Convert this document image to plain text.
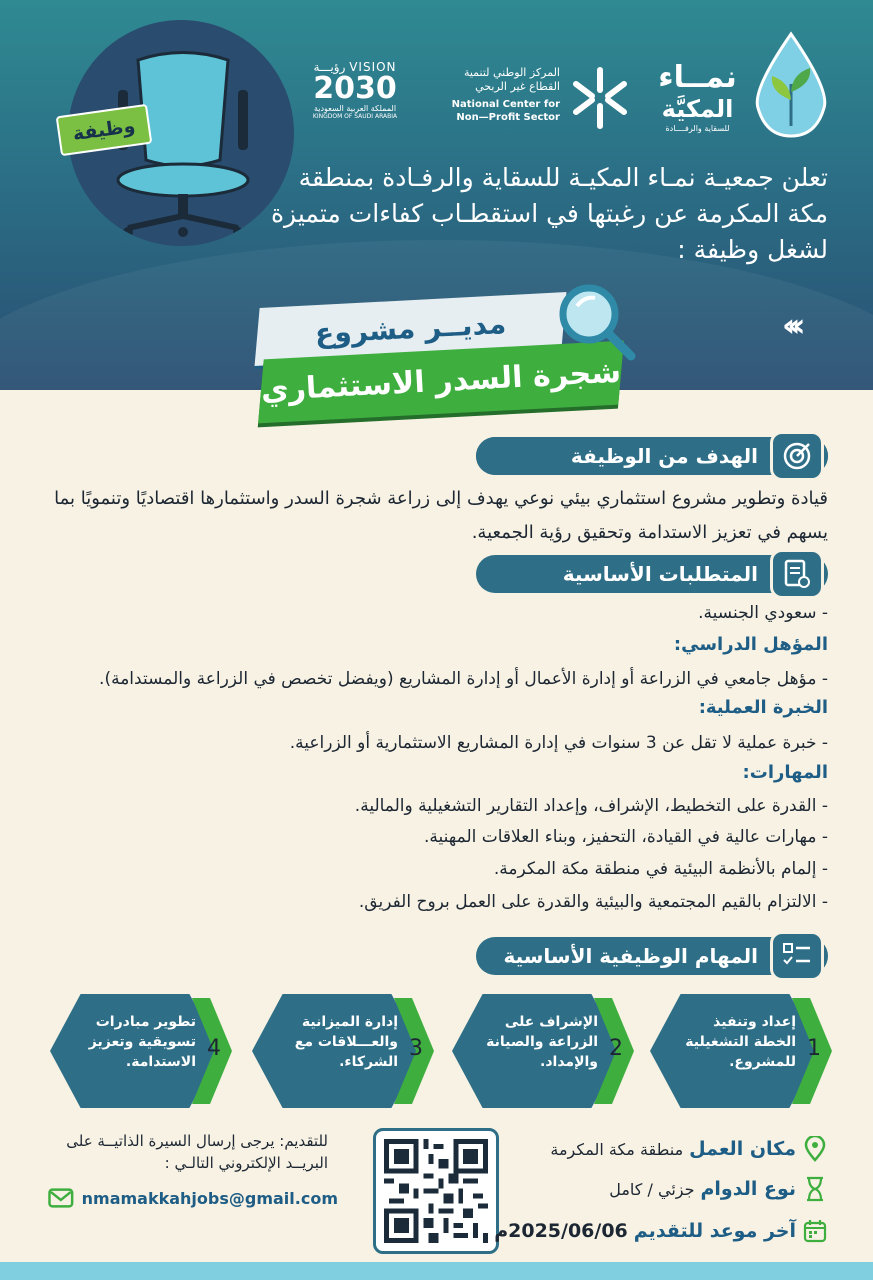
وظيفة
رؤيـــة VISION
2030
المملكة العربية السعودية
KINGDOM OF SAUDI ARABIA
المركز الوطني لتنمية
القطاع غير الربحي
National Center for
Non—Profit Sector
نمــاء
المكيَّة
للسقاية والرفــــادة
تعلن جمعيـة نمـاء المكيـة للسقاية والرفـادة بمنطقة مكة المكرمة عن رغبتها في استقطـاب كفاءات متميزة لشغل وظيفة :
‹‹‹
مديــر مشروع
شجرة السدر الاستثماري
الهدف من الوظيفة
قيادة وتطوير مشروع استثماري بيئي نوعي يهدف إلى زراعة شجرة السدر واستثمارها اقتصاديًا وتنمويًا بما يسهم في تعزيز الاستدامة وتحقيق رؤية الجمعية.
المتطلبات الأساسية
- سعودي الجنسية.
المؤهل الدراسي:
- مؤهل جامعي في الزراعة أو إدارة الأعمال أو إدارة المشاريع (ويفضل تخصص في الزراعة والمستدامة).
الخبرة العملية:
- خبرة عملية لا تقل عن 3 سنوات في إدارة المشاريع الاستثمارية أو الزراعية.
المهارات:
- القدرة على التخطيط، الإشراف، وإعداد التقارير التشغيلية والمالية.
- مهارات عالية في القيادة، التحفيز، وبناء العلاقات المهنية.
- إلمام بالأنظمة البيئية في منطقة مكة المكرمة.
- الالتزام بالقيم المجتمعية والبيئية والقدرة على العمل بروح الفريق.
المهام الوظيفية الأساسية
إعداد وتنفيذ الخطة التشغيلية للمشروع.
1
الإشراف على الزراعة والصيانة والإمداد.
2
إدارة الميزانية والعـــلاقات مع الشركاء.
3
تطوير مبادرات تسويقية وتعزيز الاستدامة.
4
للتقديم: يرجى إرسال السيرة الذاتيــة على البريــد الإلكتروني التالـي :
nmamakkahjobs@gmail.com
مكان العمل
منطقة مكة المكرمة
نوع الدوام
جزئي / كامل
آخر موعد للتقديم
2025/06/06م
